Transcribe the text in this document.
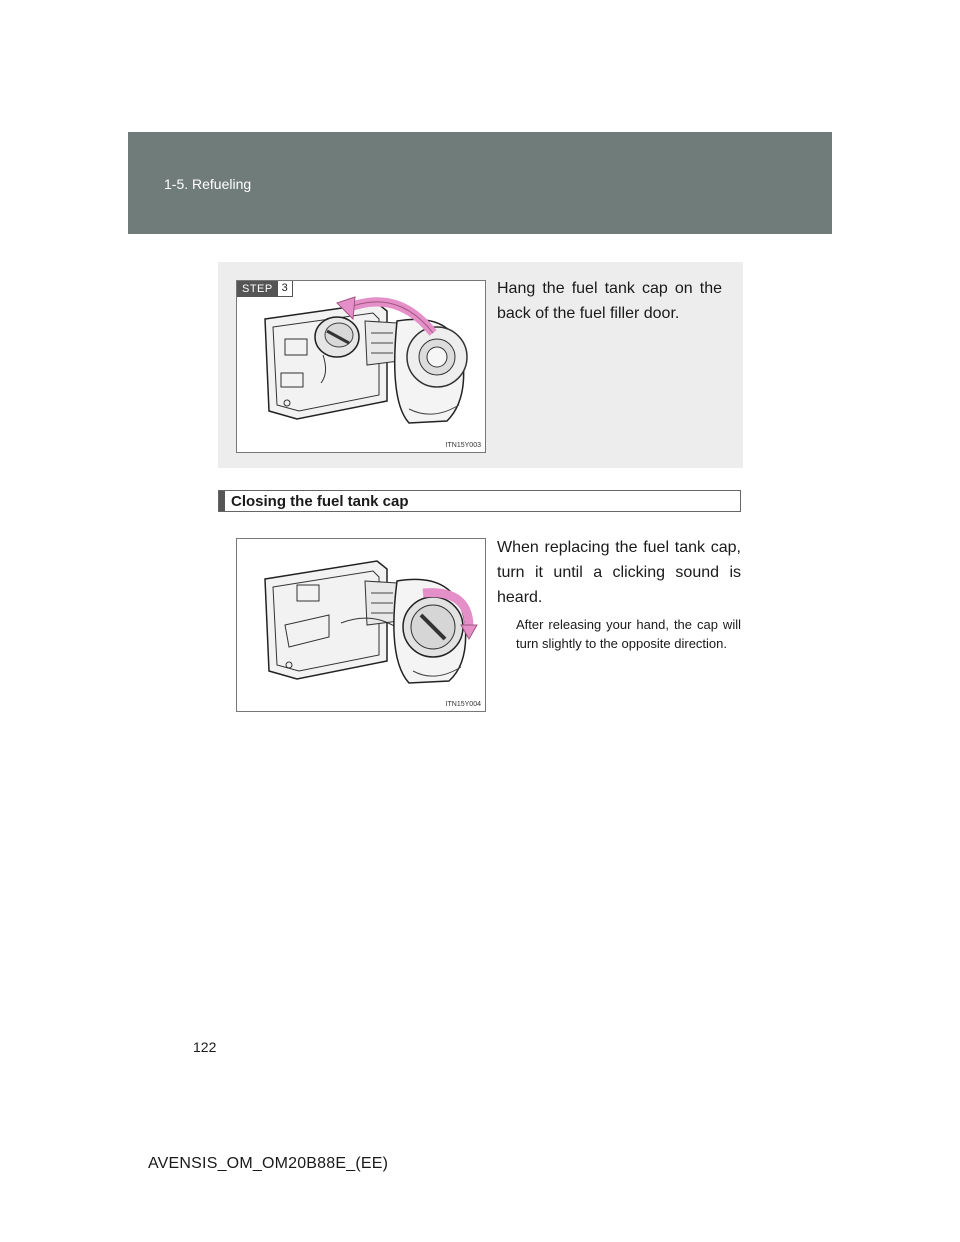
1-5. Refueling
STEP 3
ITN15Y003
Hang the fuel tank cap on the back of the fuel filler door.
Closing the fuel tank cap
ITN15Y004
When replacing the fuel tank cap, turn it until a clicking sound is heard.
After releasing your hand, the cap will turn slightly to the opposite direction.
122
AVENSIS_OM_OM20B88E_(EE)
